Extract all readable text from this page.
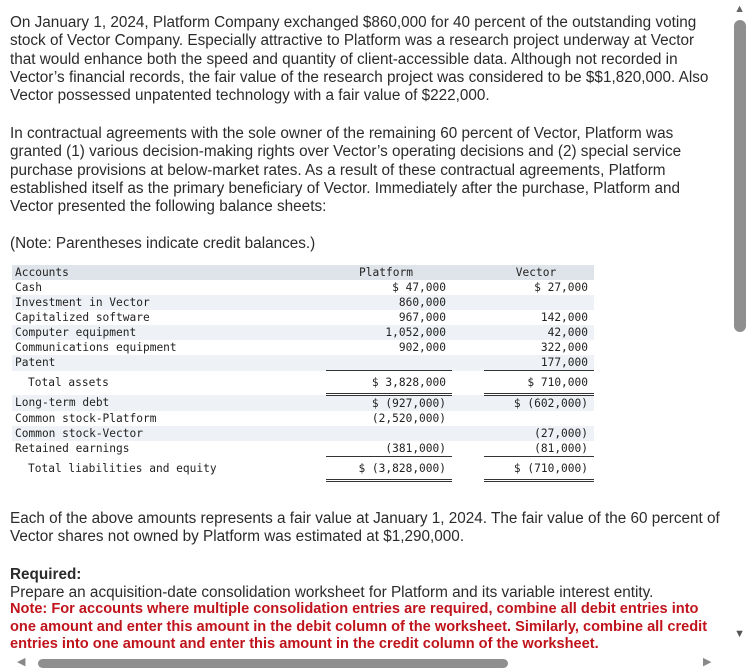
On January 1, 2024, Platform Company exchanged $860,000 for 40 percent of the outstanding voting stock of Vector Company. Especially attractive to Platform was a research project underway at Vector that would enhance both the speed and quantity of client-accessible data. Although not recorded in Vector’s financial records, the fair value of the research project was considered to be $$1,820,000. Also Vector possessed unpatented technology with a fair value of $222,000.

In contractual agreements with the sole owner of the remaining 60 percent of Vector, Platform was granted (1) various decision-making rights over Vector’s operating decisions and (2) special service purchase provisions at below-market rates. As a result of these contractual agreements, Platform established itself as the primary beneficiary of Vector. Immediately after the purchase, Platform and Vector presented the following balance sheets:

(Note: Parentheses indicate credit balances.)

Each of the above amounts represents a fair value at January 1, 2024. The fair value of the 60 percent of Vector shares not owned by Platform was estimated at $1,290,000.

Required:
Prepare an acquisition-date consolidation worksheet for Platform and its variable interest entity.
Note: For accounts where multiple consolidation entries are required, combine all debit entries into one amount and enter this amount in the debit column of the worksheet. Similarly, combine all credit entries into one amount and enter this amount in the credit column of the worksheet.
Accounts	Platform		Vector
Cash	$ 47,000		$ 27,000
Investment in Vector	860,000		
Capitalized software	967,000		142,000
Computer equipment	1,052,000		42,000
Communications equipment	902,000		322,000
Patent			177,000
Total assets	$ 3,828,000		$ 710,000
Long-term debt	$ (927,000)		$ (602,000)
Common stock-Platform	(2,520,000)		
Common stock-Vector			(27,000)
Retained earnings	(381,000)		(81,000)
Total liabilities and equity	$ (3,828,000)		$ (710,000)
▲
▼
◀	▶
